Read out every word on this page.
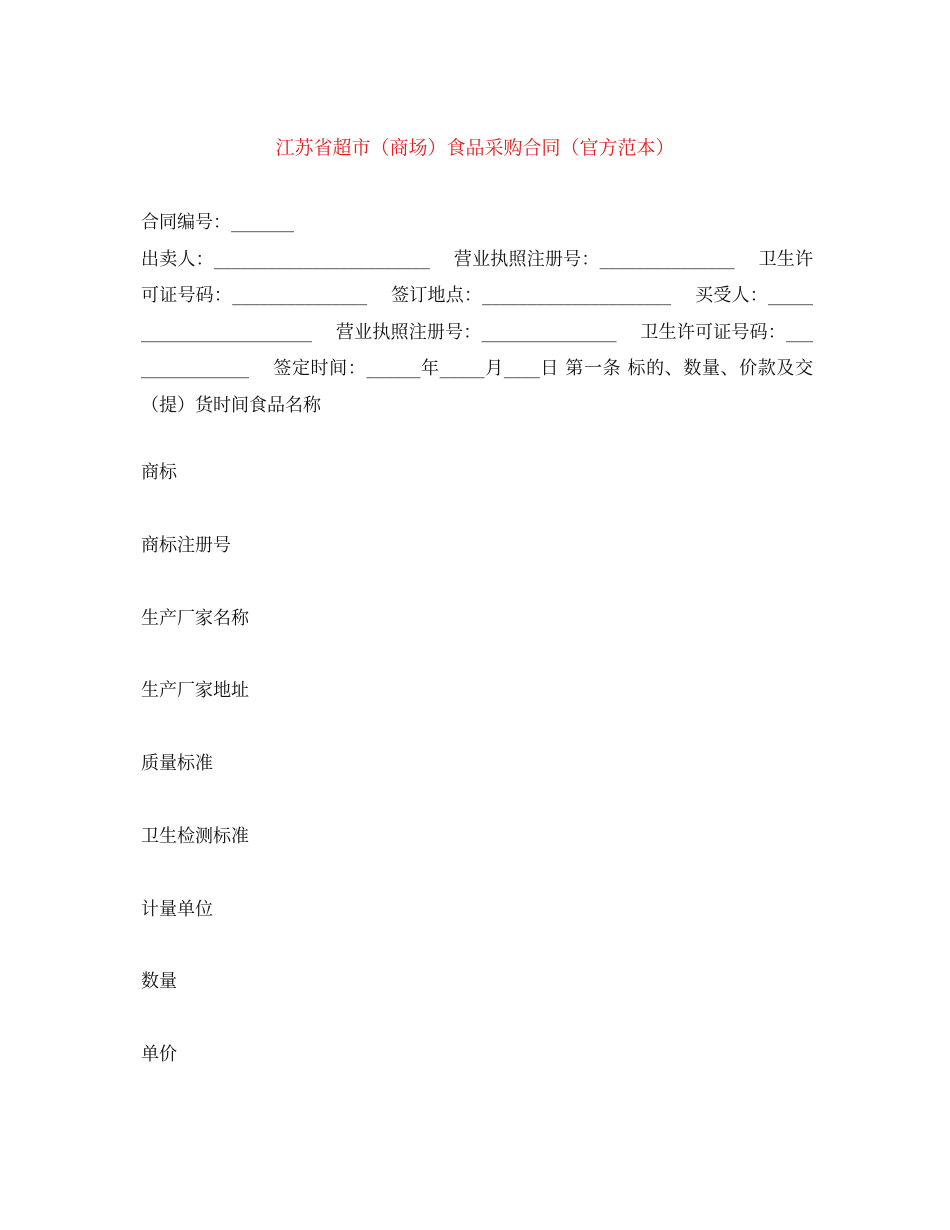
江苏省超市（商场）食品采购合同（官方范本）
合同编号：_______
出卖人：________________________ 营业执照注册号：_______________ 卫生许可证号码：_______________ 签订地点：_____________________ 买受人：________________________ 营业执照注册号：_______________ 卫生许可证号码：_______________ 签定时间：______年_____月____日 第一条 标的、数量、价款及交（提）货时间食品名称
商标
商标注册号
生产厂家名称
生产厂家地址
质量标准
卫生检测标准
计量单位
数量
单价
